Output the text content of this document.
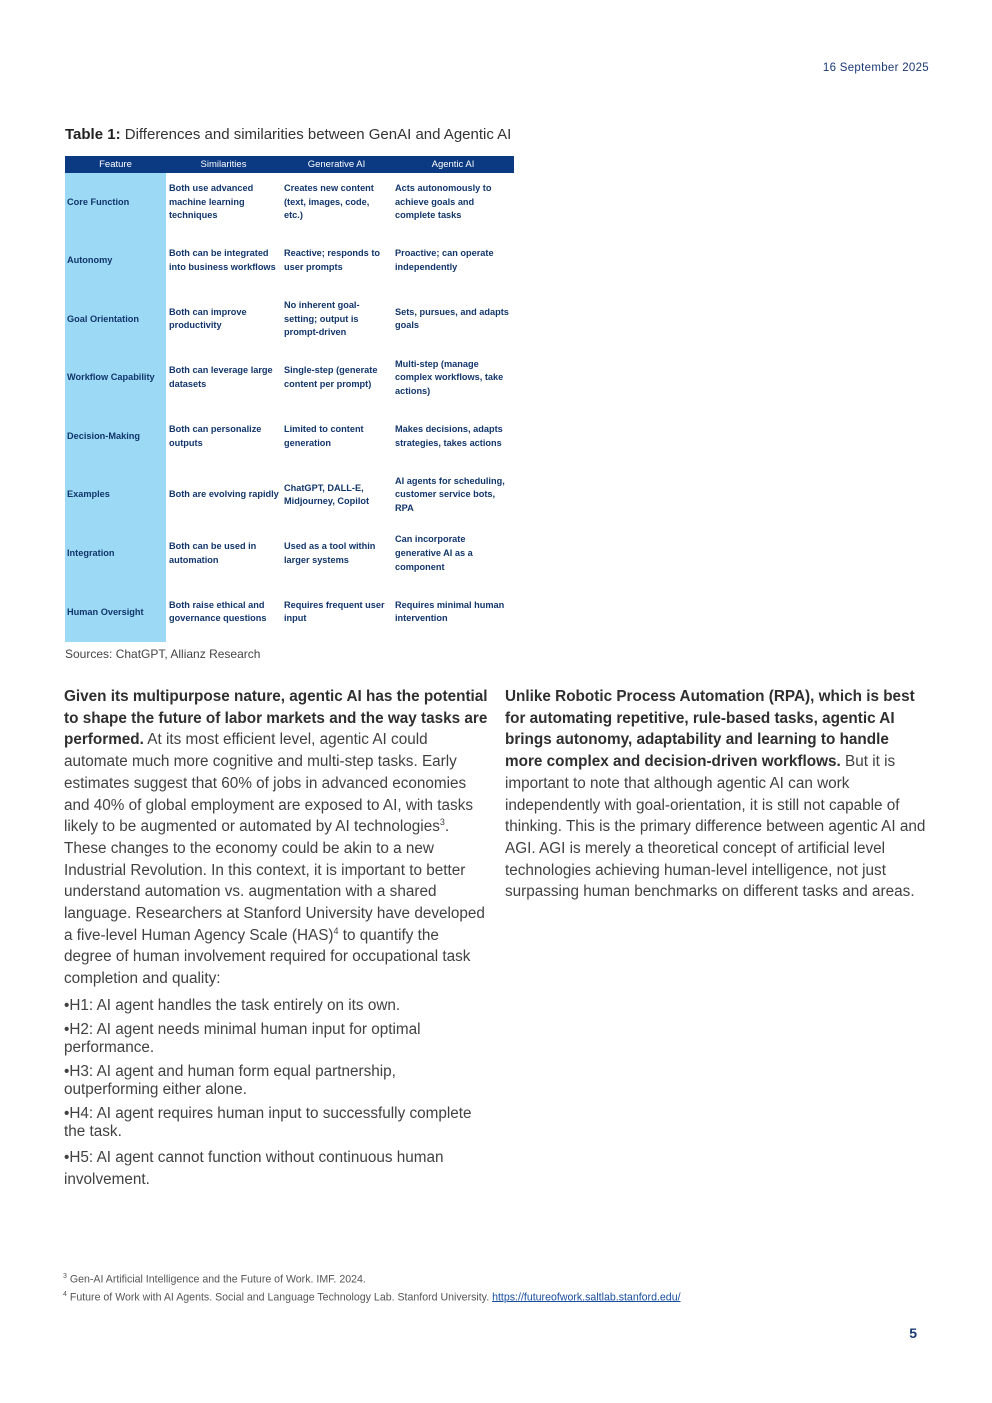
16 September 2025
Table 1: Differences and similarities between GenAI and Agentic AI
Feature	Similarities	Generative AI	Agentic AI
Core Function	Both use advanced machine learning techniques	Creates new content (text, images, code, etc.)	Acts autonomously to achieve goals and complete tasks
Autonomy	Both can be integrated into business workflows	Reactive; responds to user prompts	Proactive; can operate independently
Goal Orientation	Both can improve productivity	No inherent goal-setting; output is prompt-driven	Sets, pursues, and adapts goals
Workflow Capability	Both can leverage large datasets	Single-step (generate content per prompt)	Multi-step (manage complex workflows, take actions)
Decision-Making	Both can personalize outputs	Limited to content generation	Makes decisions, adapts strategies, takes actions
Examples	Both are evolving rapidly	ChatGPT, DALL-E, Midjourney, Copilot	AI agents for scheduling, customer service bots, RPA
Integration	Both can be used in automation	Used as a tool within larger systems	Can incorporate generative AI as a component
Human Oversight	Both raise ethical and governance questions	Requires frequent user input	Requires minimal human intervention
Sources: ChatGPT, Allianz Research

Given its multipurpose nature, agentic AI has the potential to shape the future of labor markets and the way tasks are performed. At its most efficient level, agentic AI could automate much more cognitive and multi-step tasks. Early estimates suggest that 60% of jobs in advanced economies and 40% of global employment are exposed to AI, with tasks likely to be augmented or automated by AI technologies$^3$. These changes to the economy could be akin to a new Industrial Revolution. In this context, it is important to better understand automation vs. augmentation with a shared language. Researchers at Stanford University have developed a five-level Human Agency Scale (HAS)$^4$ to quantify the degree of human involvement required for occupational task completion and quality:

•H1: AI agent handles the task entirely on its own.
•H2: AI agent needs minimal human input for optimal performance.
•H3: AI agent and human form equal partnership, outperforming either alone.
•H4: AI agent requires human input to successfully complete the task.
•H5: AI agent cannot function without continuous human involvement.

Unlike Robotic Process Automation (RPA), which is best for automating repetitive, rule-based tasks, agentic AI brings autonomy, adaptability and learning to handle more complex and decision-driven workflows. But it is important to note that although agentic AI can work independently with goal-orientation, it is still not capable of thinking. This is the primary difference between agentic AI and AGI. AGI is merely a theoretical concept of artificial level technologies achieving human-level intelligence, not just surpassing human benchmarks on different tasks and areas.

$^3$ Gen-AI Artificial Intelligence and the Future of Work. IMF. 2024.
$^4$ Future of Work with AI Agents. Social and Language Technology Lab. Stanford University. https://futureofwork.saltlab.stanford.edu/
5
